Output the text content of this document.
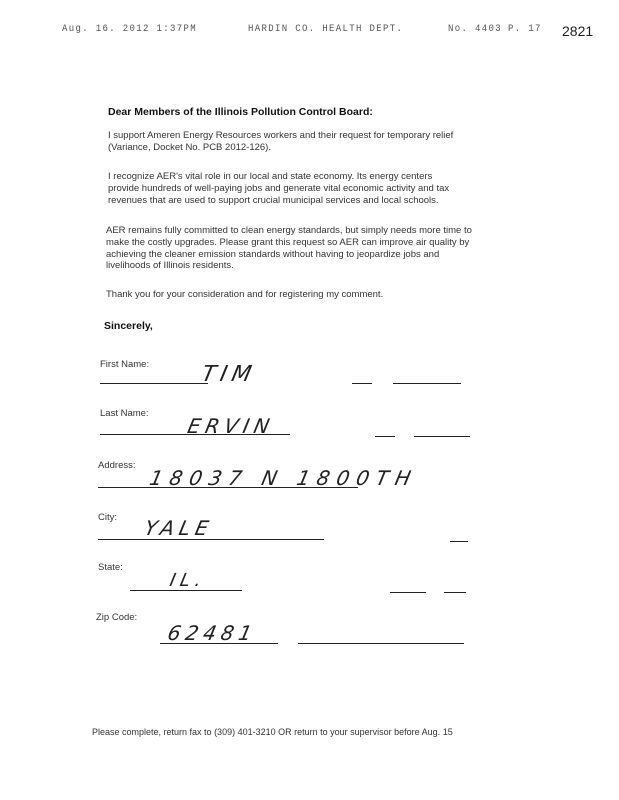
Aug. 16. 2012 1:37PM	HARDIN CO. HEALTH DEPT.	No. 4403 P. 17 2821
Dear Members of the Illinois Pollution Control Board:
I support Ameren Energy Resources workers and their request for temporary relief
(Variance, Docket No. PCB 2012-126).
I recognize AER's vital role in our local and state economy. Its energy centers
provide hundreds of well-paying jobs and generate vital economic activity and tax
revenues that are used to support crucial municipal services and local schools.
AER remains fully committed to clean energy standards, but simply needs more time to
make the costly upgrades. Please grant this request so AER can improve air quality by
achieving the cleaner emission standards without having to jeopardize jobs and
livelihoods of Illinois residents.
Thank you for your consideration and for registering my comment.
Sincerely,
First Name: TIM
Last Name:
ERVIN
Address:
18037 N 1800TH
City: YALE
State:
IL.
Zip Code:
62481
Please complete, return fax to (309) 401-3210 OR return to your supervisor before Aug. 15
